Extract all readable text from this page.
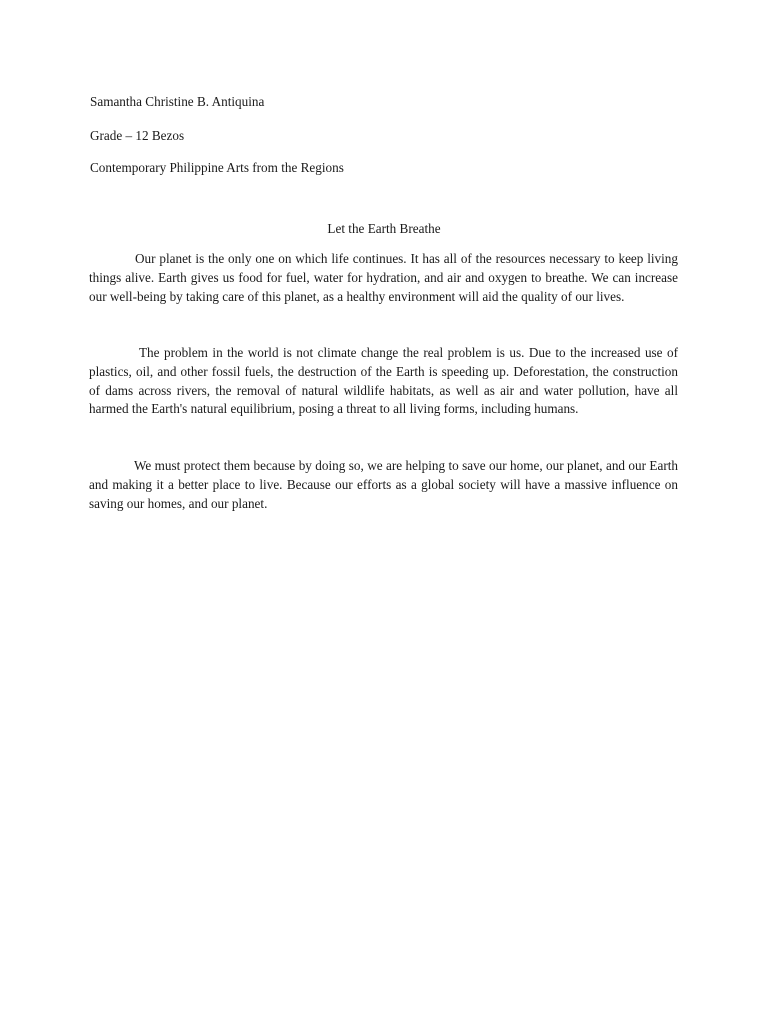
Samantha Christine B. Antiquina

Grade – 12 Bezos

Contemporary Philippine Arts from the Regions

Let the Earth Breathe

Our planet is the only one on which life continues. It has all of the resources necessary to keep living things alive. Earth gives us food for fuel, water for hydration, and air and oxygen to breathe. We can increase our well-being by taking care of this planet, as a healthy environment will aid the quality of our lives.

The problem in the world is not climate change the real problem is us. Due to the increased use of plastics, oil, and other fossil fuels, the destruction of the Earth is speeding up. Deforestation, the construction of dams across rivers, the removal of natural wildlife habitats, as well as air and water pollution, have all harmed the Earth's natural equilibrium, posing a threat to all living forms, including humans.

We must protect them because by doing so, we are helping to save our home, our planet, and our Earth and making it a better place to live. Because our efforts as a global society will have a massive influence on saving our homes, and our planet.
